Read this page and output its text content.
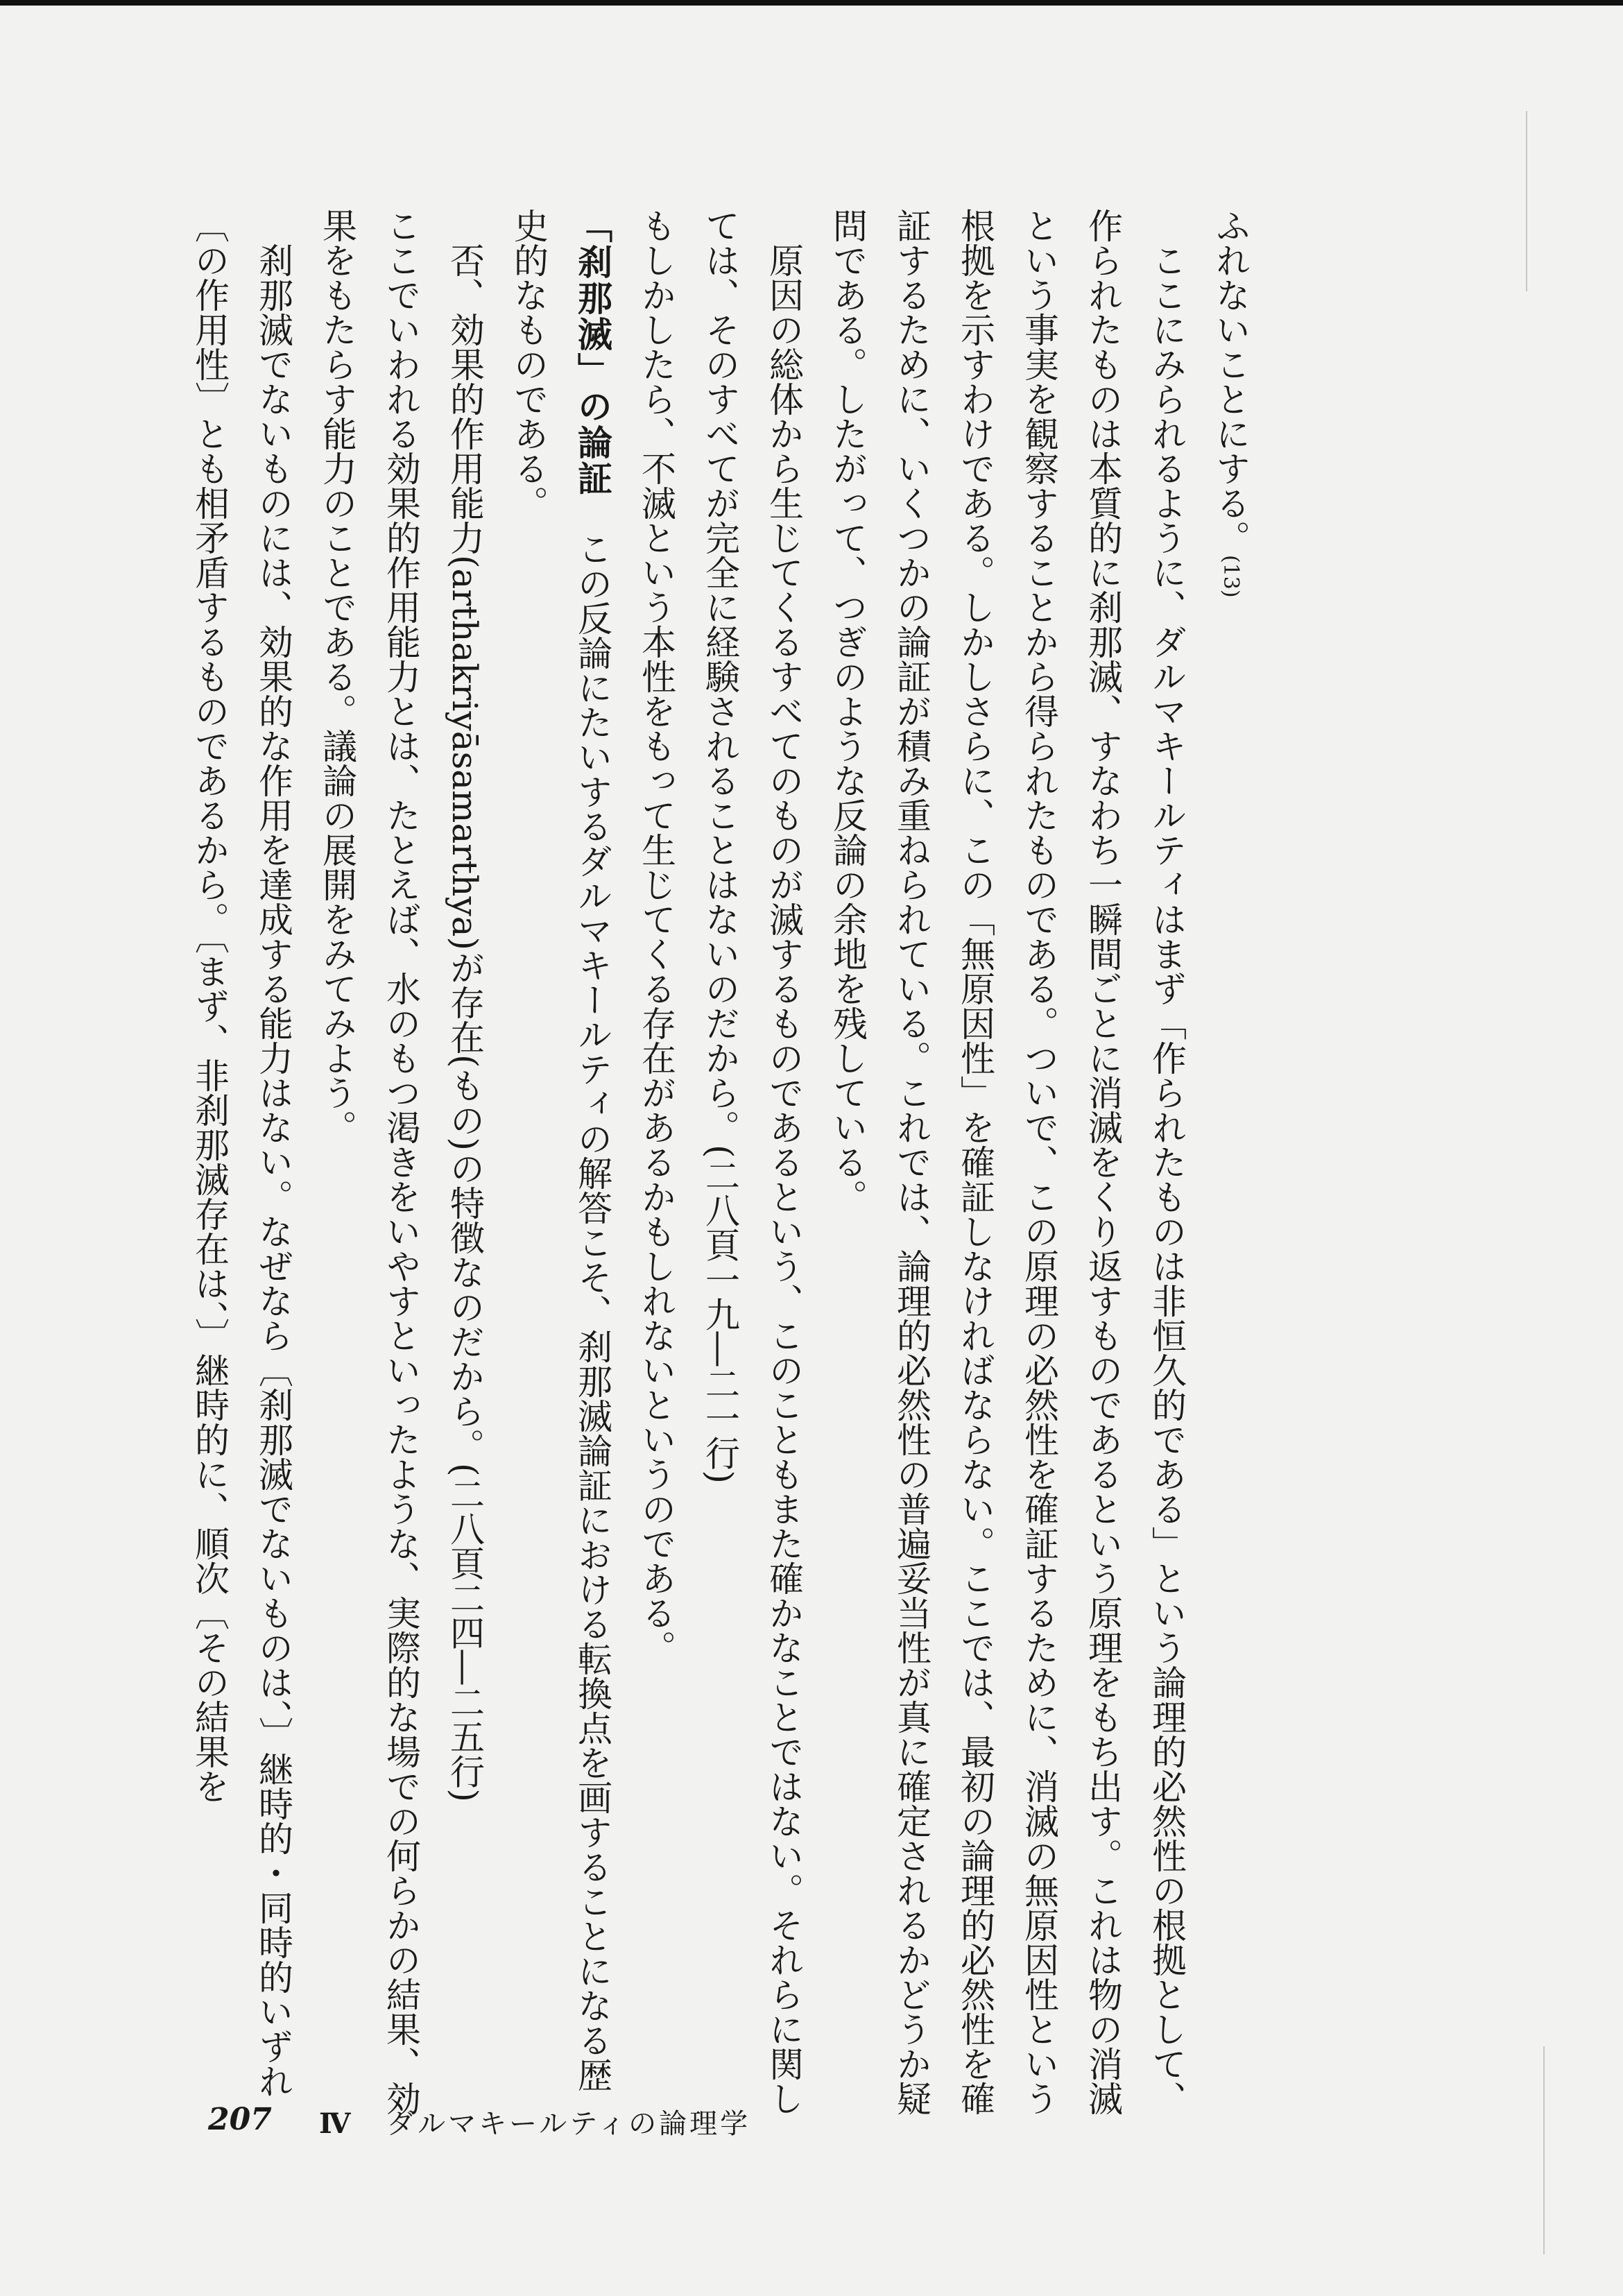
ふれないことにする。(13)

ここにみられるように、ダルマキールティはまず「作られたものは非恒久的である」という論理的必然性の根拠として、作られたものは本質的に刹那滅、すなわち一瞬間ごとに消滅をくり返すものであるという原理をもち出す。これは物の消滅という事実を観察することから得られたものである。ついで、この原理の必然性を確証するために、消滅の無原因性という根拠を示すわけである。しかしさらに、この「無原因性」を確証しなければならない。ここでは、最初の論理的必然性を確証するために、いくつかの論証が積み重ねられている。これでは、論理的必然性の普遍妥当性が真に確定されるかどうか疑問である。したがって、つぎのような反論の余地を残している。

原因の総体から生じてくるすべてのものが滅するものであるという、このこともまた確かなことではない。それらに関しては、そのすべてが完全に経験されることはないのだから。(二八頁一九―二一行)

もしかしたら、不滅という本性をもって生じてくる存在があるかもしれないというのである。

「刹那滅」の論証　この反論にたいするダルマキールティの解答こそ、刹那滅論証における転換点を画することになる歴史的なものである。

否、効果的作用能力(arthakriyāsamarthya)が存在(もの)の特徴なのだから。(二八頁二四―二五行)

ここでいわれる効果的作用能力とは、たとえば、水のもつ渇きをいやすといったような、実際的な場での何らかの結果、効果をもたらす能力のことである。議論の展開をみてみよう。

刹那滅でないものには、効果的な作用を達成する能力はない。なぜなら〔刹那滅でないものは、〕継時的・同時的いずれ〔の作用性〕とも相矛盾するものであるから。〔まず、非刹那滅存在は、〕継時的に、順次〔その結果を

207 Ⅳ ダルマキールティの論理学
